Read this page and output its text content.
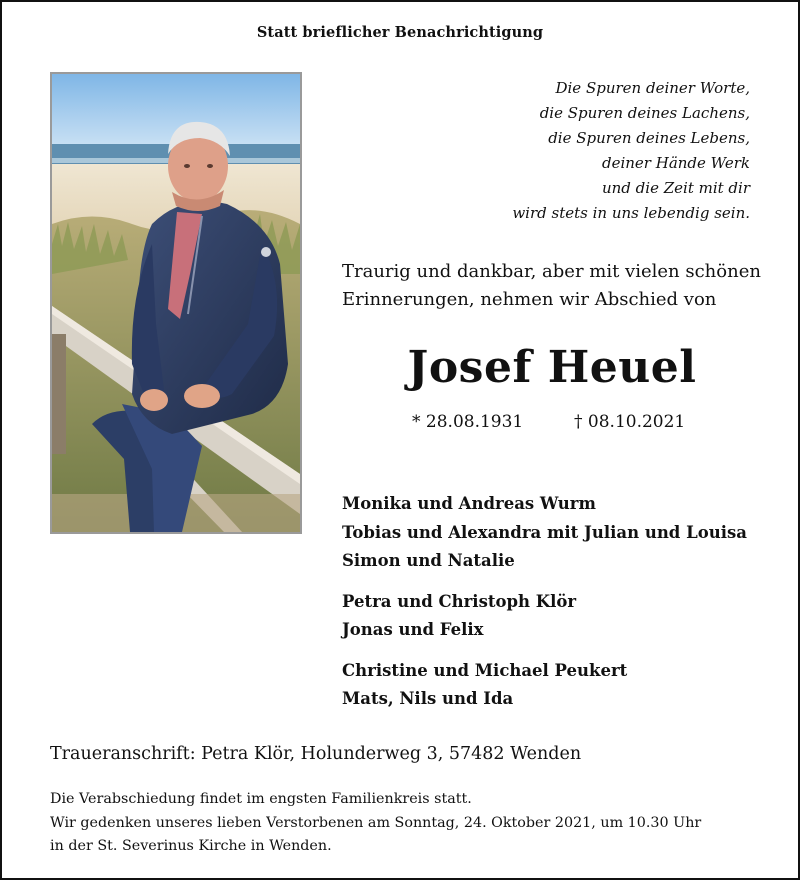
Statt brieflicher Benachrichtigung
Die Spuren deiner Worte,
die Spuren deines Lachens,
die Spuren deines Lebens,
deiner Hände Werk
und die Zeit mit dir
wird stets in uns lebendig sein.
Traurig und dankbar, aber mit vielen schönen
Erinnerungen, nehmen wir Abschied von
Josef Heuel
* 28.08.1931	† 08.10.2021
Monika und Andreas Wurm
Tobias und Alexandra mit Julian und Louisa
Simon und Natalie
Petra und Christoph Klör
Jonas und Felix
Christine und Michael Peukert
Mats, Nils und Ida
Traueranschrift: Petra Klör, Holunderweg 3, 57482 Wenden
Die Verabschiedung findet im engsten Familienkreis statt.
Wir gedenken unseres lieben Verstorbenen am Sonntag, 24. Oktober 2021, um 10.30 Uhr
in der St. Severinus Kirche in Wenden.
